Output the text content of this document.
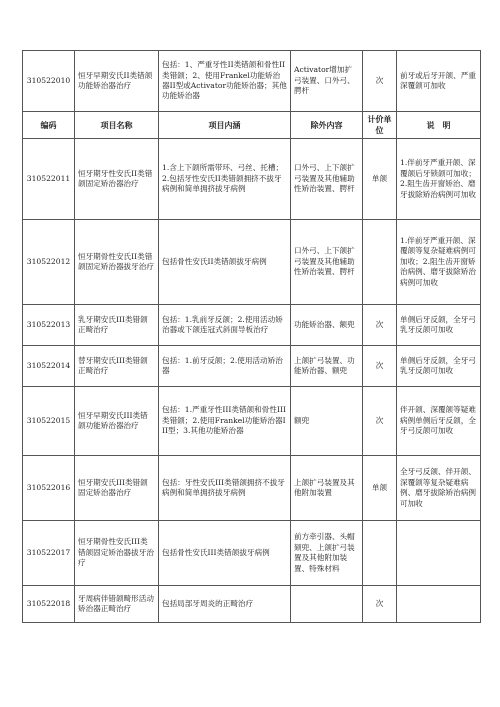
310522010	恒牙早期安氏II类错颌功能矫治器治疗	包括：1、严重牙性II类错颌和骨性II类错颌；2、使用Frankel功能矫治器II型或Activator功能矫治器；其他功能矫治器	Activator增加扩弓装置、口外弓、腭杆	次	前牙或后牙开颌、严重深覆颌可加收
编码	项目名称	项目内涵	除外内容	计价单位	说　明
310522011	恒牙期牙性安氏II类错颌固定矫治器治疗	1.含上下颌所需带环、弓丝、托槽；2.包括牙性安氏II类错颌拥挤不拔牙病例和简单拥挤拔牙病例	口外弓、上下颌扩弓装置及其他辅助性矫治装置、腭杆	单颌	1.伴前牙严重开颌、深覆颌后牙锁颌可加收；2.阻生齿开窗矫治、磨牙拔除矫治病例可加收
310522012	恒牙期骨性安氏II类错颌固定矫治器拔牙治疗	包括骨性安氏II类错颌拔牙病例	口外弓、上下颌扩弓装置及其他辅助性矫治装置、腭杆		1.伴前牙严重开颌、深覆颌等复杂疑难病例可加收；2.阻生齿开窗矫治病例、磨牙拔除矫治病例可加收
310522013	乳牙期安氏III类错颌正畸治疗	包括：1.乳前牙反颌；2.使用活动矫治器或下颌连冠式斜面导板治疗	功能矫治器、额兜	次	单侧后牙反颌，全牙弓乳牙反颌可加收
310522014	替牙期安氏III类错颌正畸治疗	包括：1.前牙反颌；2.使用活动矫治器	上颌扩弓装置、功能矫治器、额兜	次	单侧后牙反颌，全牙弓乳牙反颌可加收
310522015	恒牙早期安氏III类错颌功能矫治器治疗	包括：1.严重牙性III类错颌和骨性III类错颌；2.使用Frankel功能矫治器III型；3.其他功能矫治器	额兜	次	伴开颌、深覆颌等疑难病例单侧后牙反颌，全牙弓反颌可加收
310522016	恒牙期安氏III类错颌固定矫治器治疗	包括：牙性安氏III类错颌拥挤不拔牙病例和简单拥挤拔牙病例	上颌扩弓装置及其他附加装置	单颌	全牙弓反颌、伴开颌、深覆颌等复杂疑难病例、磨牙拔除矫治病例可加收
310522017	恒牙期骨性安氏III类错颌固定矫治器拔牙治疗	包括骨性安氏III类错颌拔牙病例	前方牵引器、头帽颏兜、上颌扩弓装置及其他附加装置、特殊材料		
310522018	牙周病伴错颌畸形活动矫治器正畸治疗	包括局部牙周炎的正畸治疗		次	
